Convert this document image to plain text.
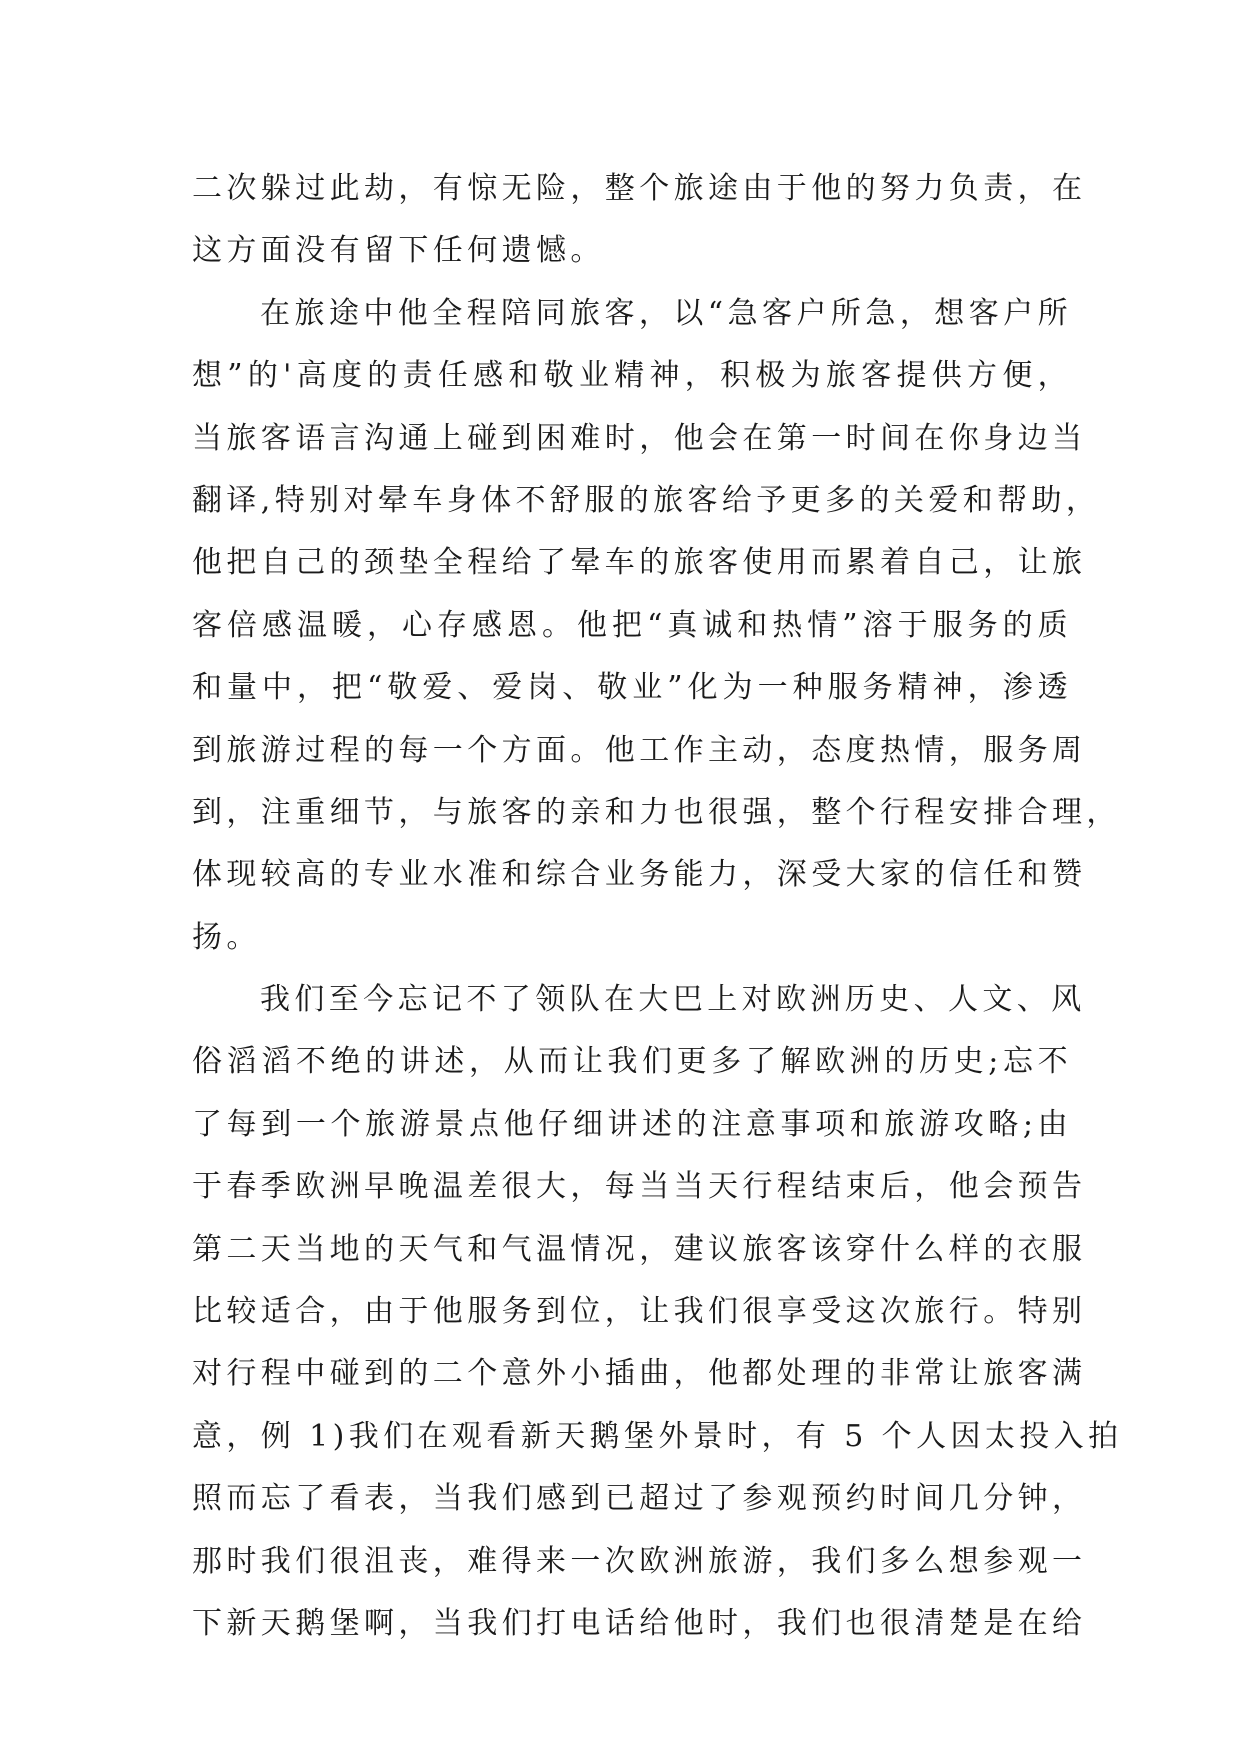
二次躲过此劫，有惊无险，整个旅途由于他的努力负责，在
这方面没有留下任何遗憾。
在旅途中他全程陪同旅客，以“急客户所急，想客户所
想”的'高度的责任感和敬业精神，积极为旅客提供方便，
当旅客语言沟通上碰到困难时，他会在第一时间在你身边当
翻译,特别对晕车身体不舒服的旅客给予更多的关爱和帮助，
他把自己的颈垫全程给了晕车的旅客使用而累着自己，让旅
客倍感温暖，心存感恩。他把“真诚和热情”溶于服务的质
和量中，把“敬爱、爱岗、敬业”化为一种服务精神，渗透
到旅游过程的每一个方面。他工作主动，态度热情，服务周
到，注重细节，与旅客的亲和力也很强，整个行程安排合理，
体现较高的专业水准和综合业务能力，深受大家的信任和赞
扬。
我们至今忘记不了领队在大巴上对欧洲历史、人文、风
俗滔滔不绝的讲述，从而让我们更多了解欧洲的历史;忘不
了每到一个旅游景点他仔细讲述的注意事项和旅游攻略;由
于春季欧洲早晚温差很大，每当当天行程结束后，他会预告
第二天当地的天气和气温情况，建议旅客该穿什么样的衣服
比较适合，由于他服务到位，让我们很享受这次旅行。特别
对行程中碰到的二个意外小插曲，他都处理的非常让旅客满
意，例 1)我们在观看新天鹅堡外景时，有 5 个人因太投入拍
照而忘了看表，当我们感到已超过了参观预约时间几分钟，
那时我们很沮丧，难得来一次欧洲旅游，我们多么想参观一
下新天鹅堡啊，当我们打电话给他时，我们也很清楚是在给
